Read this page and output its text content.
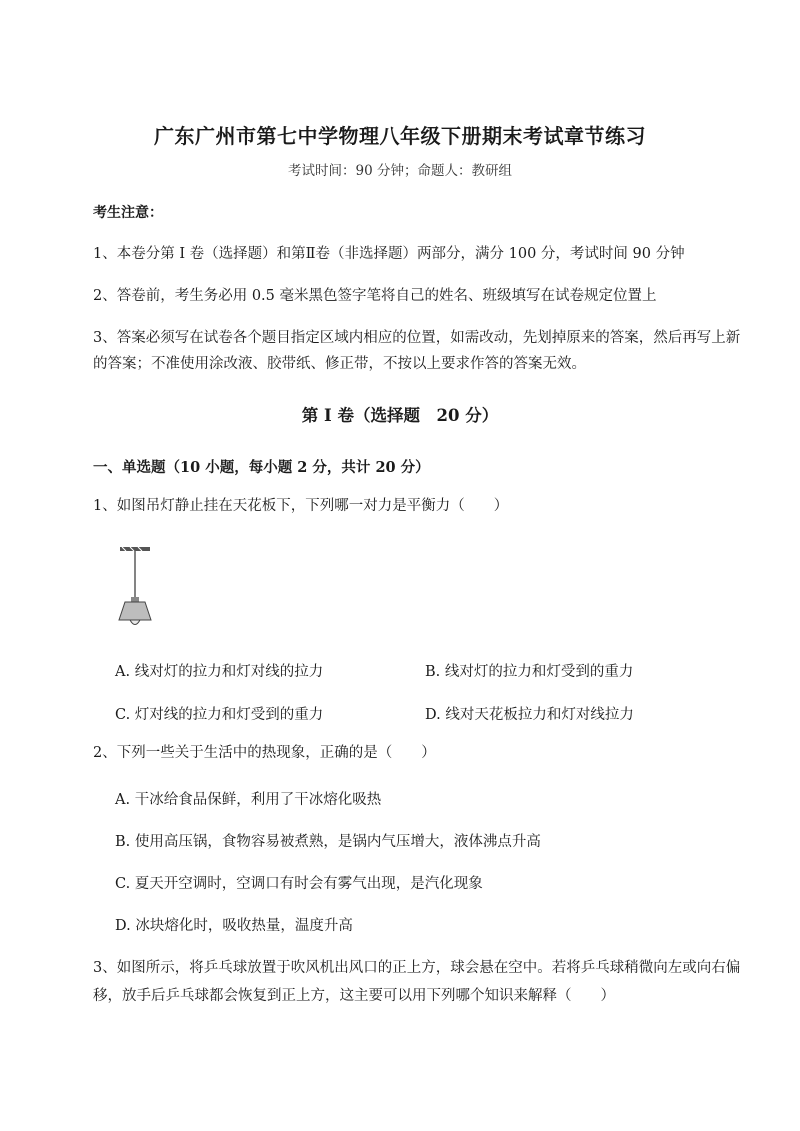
广东广州市第七中学物理八年级下册期末考试章节练习
考试时间：90 分钟；命题人：教研组
考生注意：
1、本卷分第 I 卷（选择题）和第Ⅱ卷（非选择题）两部分，满分 100 分，考试时间 90 分钟
2、答卷前，考生务必用 0.5 毫米黑色签字笔将自己的姓名、班级填写在试卷规定位置上
3、答案必须写在试卷各个题目指定区域内相应的位置，如需改动，先划掉原来的答案，然后再写上新的答案；不准使用涂改液、胶带纸、修正带，不按以上要求作答的答案无效。
第 I 卷（选择题　20 分）
一、单选题（10 小题，每小题 2 分，共计 20 分）
1、如图吊灯静止挂在天花板下，下列哪一对力是平衡力（　　）
A. 线对灯的拉力和灯对线的拉力	B. 线对灯的拉力和灯受到的重力
C. 灯对线的拉力和灯受到的重力	D. 线对天花板拉力和灯对线拉力
2、下列一些关于生活中的热现象，正确的是（　　）
A. 干冰给食品保鲜，利用了干冰熔化吸热
B. 使用高压锅，食物容易被煮熟，是锅内气压增大，液体沸点升高
C. 夏天开空调时，空调口有时会有雾气出现，是汽化现象
D. 冰块熔化时，吸收热量，温度升高
3、如图所示，将乒乓球放置于吹风机出风口的正上方，球会悬在空中。若将乒乓球稍微向左或向右偏移，放手后乒乓球都会恢复到正上方，这主要可以用下列哪个知识来解释（　　）
